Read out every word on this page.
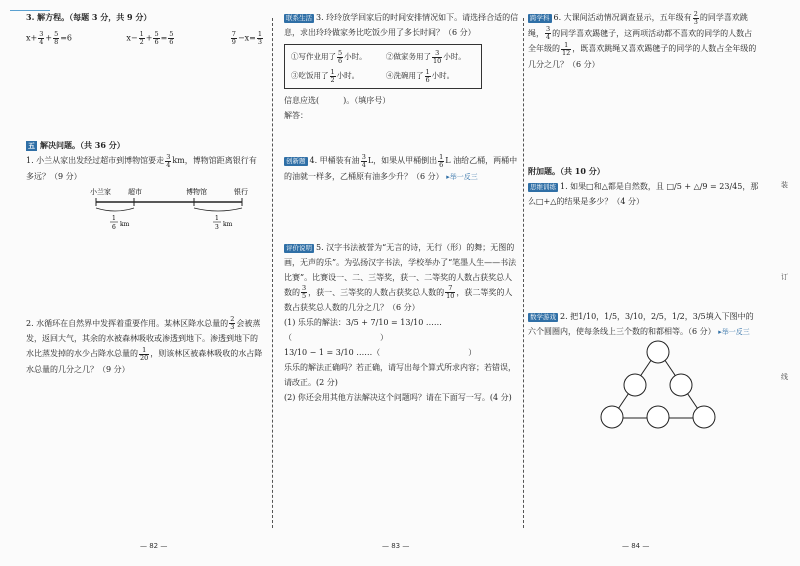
3. 解方程。（每题 3 分，共 9 分）

$x+ \frac{3}{4} + \frac{5}{8} =6$	$x- \frac{1}{2} + \frac{5}{6} = \frac{5}{6}$	$\frac{7}{9} -x= \frac{1}{3}$

五 解决问题。（共 36 分）

1. 小兰从家出发经过超市到博物馆要走 $\frac{3}{4}$ km，博物馆距离银行有多远？（9 分）

小兰家 超市	博物馆	银行
1
6 km
1
3 km

2. 水循环在自然界中发挥着重要作用。某林区降水总量的 $\frac{2}{3}$ 会被蒸发，返回大气，其余的水被森林吸收或渗透到地下。渗透到地下的水比蒸发掉的水少占降水总量的 $\frac{1}{20}$ ，则该林区被森林吸收的水占降水总量的几分之几？（9 分）

— 82 —

联系生活 3. 玲玲放学回家后的时间安排情况如下。请选择合适的信息，求出玲玲做家务比吃饭少用了多长时间？（6 分）

①写作业用了 $\frac{5}{6}$ 小时。	②做家务用了 $\frac{3}{10}$ 小时。
③吃饭用了 $\frac{1}{2}$ 小时。	④洗碗用了 $\frac{1}{6}$ 小时。

信息应选(　　　)。（填序号）

解答：

创新题 4. 甲桶装有油 $\frac{3}{4}$ L，如果从甲桶倒出 $\frac{1}{6}$ L 油给乙桶，两桶中的油就一样多，乙桶原有油多少升？（6 分） ▸举一反三

评价说明 5. 汉字书法被誉为“无言的诗，无行（形）的舞；无图的画，无声的乐”。为弘扬汉字书法，学校举办了“笔墨人生——书法比赛”。比赛设一、二、三等奖，获一、二等奖的人数占获奖总人数的 $\frac{3}{5}$ ，获一、三等奖的人数占获奖总人数的 $\frac{7}{10}$ ，获二等奖的人数占获奖总人数的几分之几？（6 分）

(1) 乐乐的解法：3/5 + 7/10 = 13/10 ……（　　　　　　　　　　　）

13/10 − 1 = 3/10 ……（　　　　　　　　　　　）

乐乐的解法正确吗？若正确，请写出每个算式所求内容；若错误，请改正。(2 分)

(2) 你还会用其他方法解决这个问题吗？请在下面写一写。(4 分)

— 83 —

跨学科 6. 大课间活动情况调查显示，五年级有 $\frac{2}{3}$ 的同学喜欢跳绳， $\frac{3}{4}$ 的同学喜欢踢毽子，这两项活动都不喜欢的同学的人数占全年级的 $\frac{1}{12}$ ，既喜欢跳绳又喜欢踢毽子的同学的人数占全年级的几分之几？（6 分）

附加题。（共 10 分）

思维训练 1. 如果□和△都是自然数，且 □/5 + △/9 = 23/45，那么□+△的结果是多少？（4 分）

数学游戏 2. 把1/10，1/5，3/10，2/5，1/2，3/5填入下图中的六个圆圈内，使每条线上三个数的和都相等。（6 分） ▸举一反三

— 84 —
装
订
线
